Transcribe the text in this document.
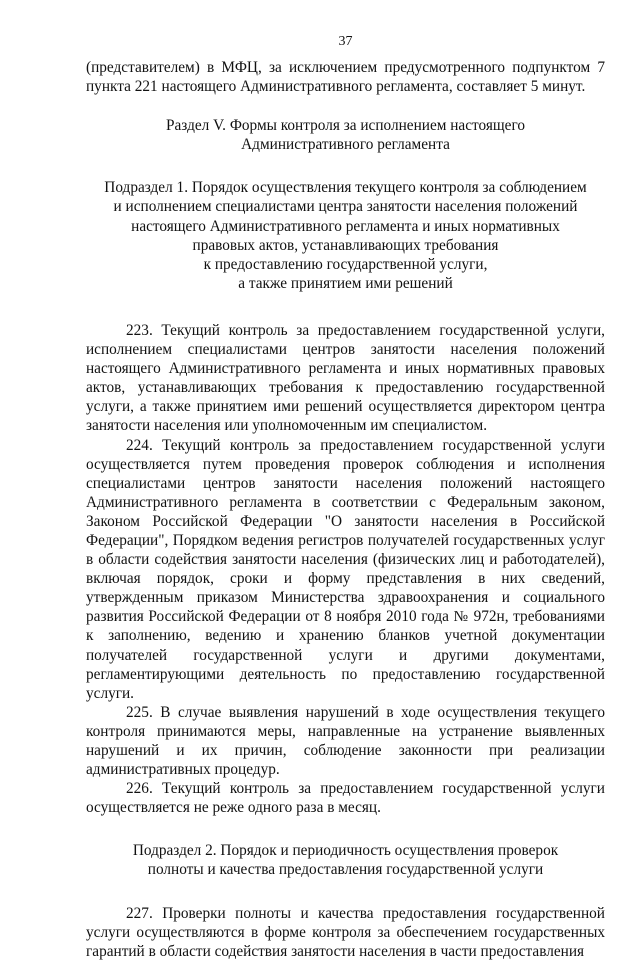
37

(представителем) в МФЦ, за исключением предусмотренного подпунктом 7 пункта 221 настоящего Административного регламента, составляет 5 минут.

Раздел V. Формы контроля за исполнением настоящего
Административного регламента
Подраздел 1. Порядок осуществления текущего контроля за соблюдением
и исполнением специалистами центра занятости населения положений
настоящего Административного регламента и иных нормативных
правовых актов, устанавливающих требования
к предоставлению государственной услуги,
а также принятием ими решений

223. Текущий контроль за предоставлением государственной услуги, исполнением специалистами центров занятости населения положений настоящего Административного регламента и иных нормативных правовых актов, устанавливающих требования к предоставлению государственной услуги, а также принятием ими решений осуществляется директором центра занятости населения или уполномоченным им специалистом.

224. Текущий контроль за предоставлением государственной услуги осуществляется путем проведения проверок соблюдения и исполнения специалистами центров занятости населения положений настоящего Административного регламента в соответствии с Федеральным законом, Законом Российской Федерации "О занятости населения в Российской Федерации", Порядком ведения регистров получателей государственных услуг в области содействия занятости населения (физических лиц и работодателей), включая порядок, сроки и форму представления в них сведений, утвержденным приказом Министерства здравоохранения и социального развития Российской Федерации от 8 ноября 2010 года № 972н, требованиями к заполнению, ведению и хранению бланков учетной документации получателей государственной услуги и другими документами, регламентирующими деятельность по предоставлению государственной услуги.

225. В случае выявления нарушений в ходе осуществления текущего контроля принимаются меры, направленные на устранение выявленных нарушений и их причин, соблюдение законности при реализации административных процедур.

226. Текущий контроль за предоставлением государственной услуги осуществляется не реже одного раза в месяц.

Подраздел 2. Порядок и периодичность осуществления проверок
полноты и качества предоставления государственной услуги

227. Проверки полноты и качества предоставления государственной услуги осуществляются в форме контроля за обеспечением государственных гарантий в области содействия занятости населения в части предоставления
